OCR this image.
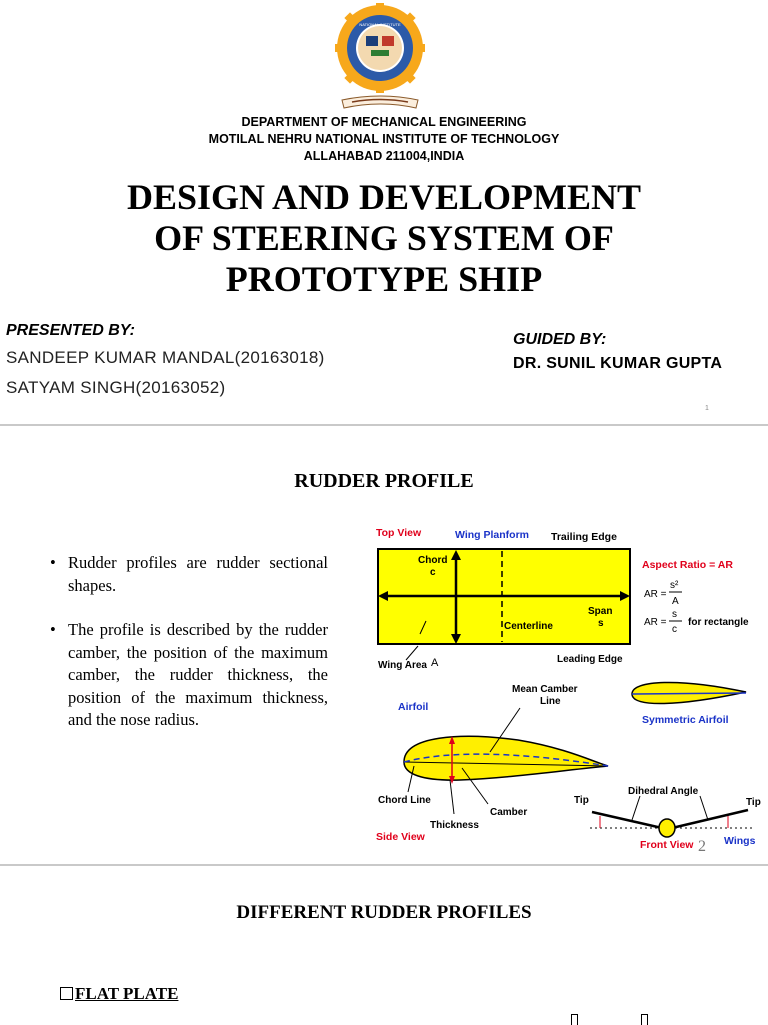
NATIONAL INSTITUTE
DEPARTMENT OF MECHANICAL ENGINEERING
MOTILAL NEHRU NATIONAL INSTITUTE OF TECHNOLOGY
ALLAHABAD 211004,INDIA
DESIGN AND DEVELOPMENT
OF STEERING SYSTEM OF
PROTOTYPE SHIP
PRESENTED BY:
SANDEEP KUMAR MANDAL(20163018)
SATYAM SINGH(20163052)
GUIDED BY:
DR. SUNIL KUMAR GUPTA
1
RUDDER PROFILE
• Rudder profiles are rudder sectional shapes.
• The profile is described by the rudder camber, the position of the maximum camber, the rudder thickness, the position of the maximum thickness, and the nose radius.
Top View	Wing Planform Trailing Edge
Chord
c
Span
s
Centerline
Wing Area A	Leading Edge
Aspect Ratio = AR
AR =
s²
A
AR =
s
c
for rectangle
Symmetric Airfoil
Airfoil
Mean Camber
Line
Chord Line
Camber
Thickness
Side View
Tip	Tip
Dihedral Angle
Front View	Wings
2
DIFFERENT RUDDER PROFILES
FLAT PLATE
